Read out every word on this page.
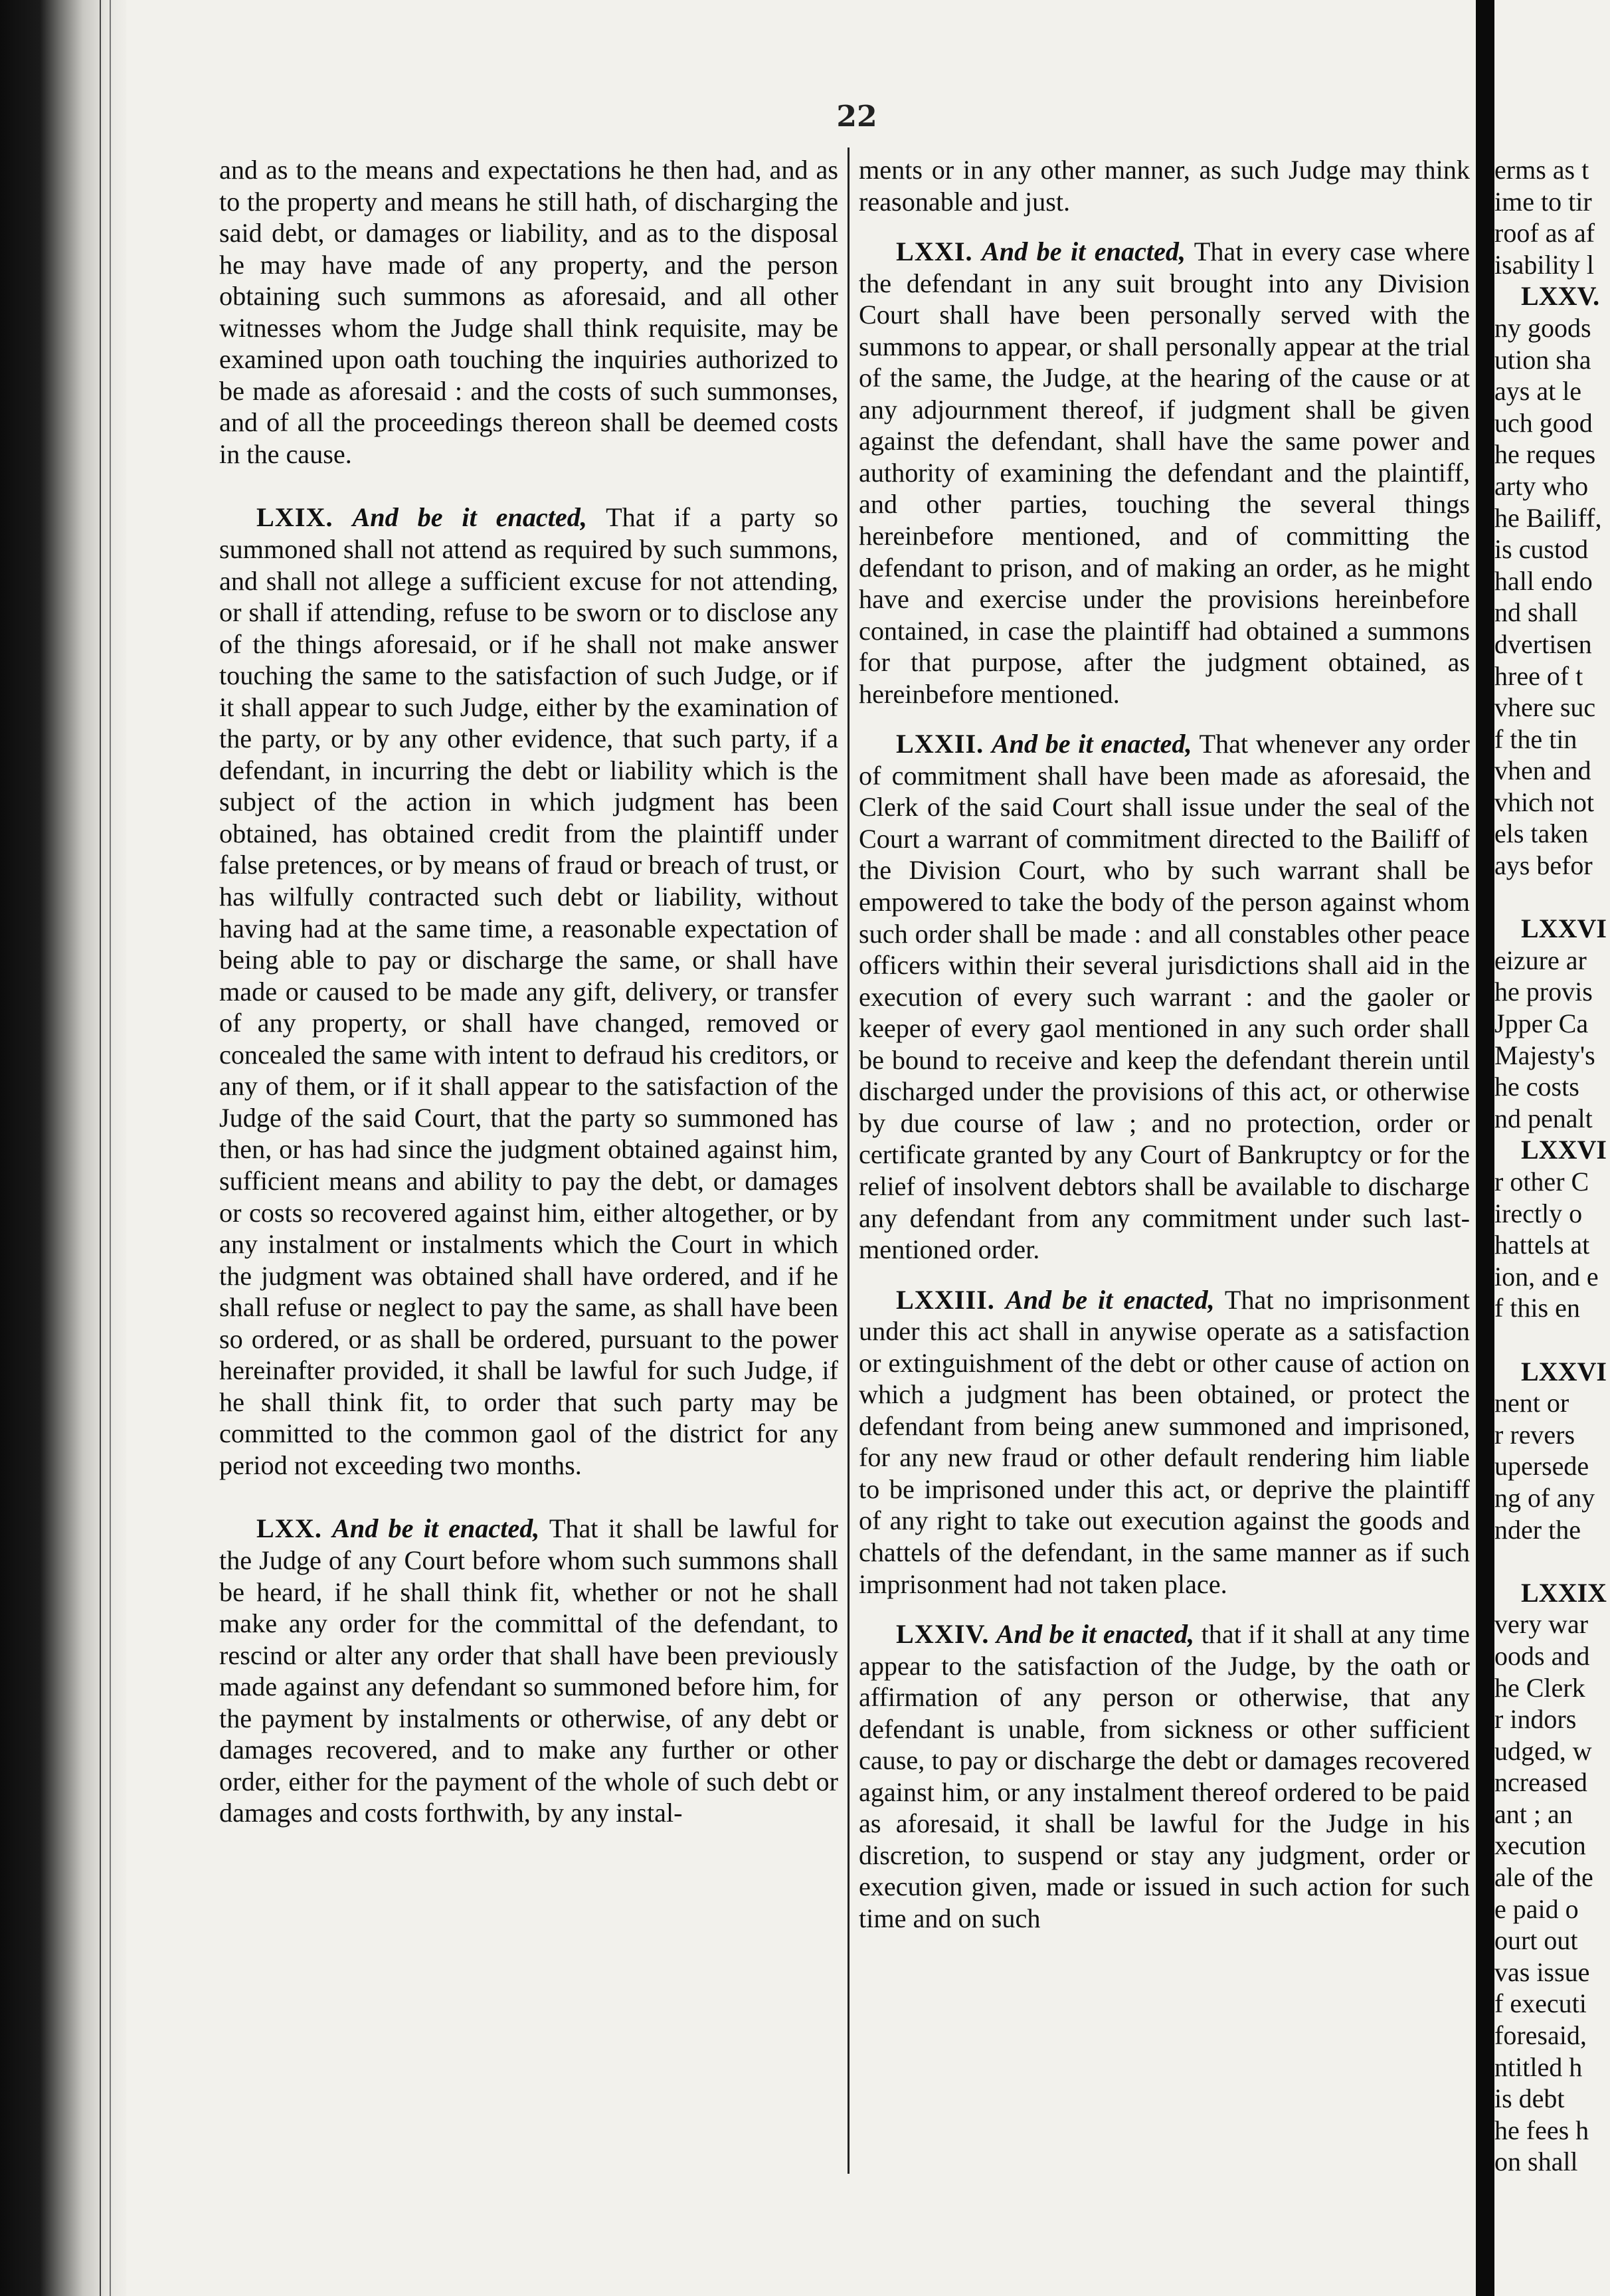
22

and as to the means and expectations he then had, and as to the property and means he still hath, of discharging the said debt, or damages or liability, and as to the disposal he may have made of any property, and the person obtaining such summons as aforesaid, and all other witnesses whom the Judge shall think requisite, may be examined upon oath touching the inquiries authorized to be made as aforesaid : and the costs of such summonses, and of all the proceedings thereon shall be deemed costs in the cause.

LXIX. And be it enacted, That if a party so summoned shall not attend as required by such summons, and shall not allege a sufficient excuse for not attending, or shall if attending, refuse to be sworn or to disclose any of the things aforesaid, or if he shall not make answer touching the same to the satisfaction of such Judge, or if it shall appear to such Judge, either by the examination of the party, or by any other evidence, that such party, if a defendant, in incurring the debt or liability which is the subject of the action in which judgment has been obtained, has obtained credit from the plaintiff under false pretences, or by means of fraud or breach of trust, or has wilfully contracted such debt or liability, without having had at the same time, a reasonable expectation of being able to pay or discharge the same, or shall have made or caused to be made any gift, delivery, or transfer of any property, or shall have changed, removed or concealed the same with intent to defraud his creditors, or any of them, or if it shall appear to the satisfaction of the Judge of the said Court, that the party so summoned has then, or has had since the judgment obtained against him, sufficient means and ability to pay the debt, or damages or costs so recovered against him, either altogether, or by any instalment or instalments which the Court in which the judgment was obtained shall have ordered, and if he shall refuse or neglect to pay the same, as shall have been so ordered, or as shall be ordered, pursuant to the power hereinafter provided, it shall be lawful for such Judge, if he shall think fit, to order that such party may be committed to the common gaol of the district for any period not exceeding two months.

LXX. And be it enacted, That it shall be lawful for the Judge of any Court before whom such summons shall be heard, if he shall think fit, whether or not he shall make any order for the committal of the defendant, to rescind or alter any order that shall have been previously made against any defendant so summoned before him, for the payment by instalments or otherwise, of any debt or damages recovered, and to make any further or other order, either for the payment of the whole of such debt or damages and costs forthwith, by any instal-

ments or in any other manner, as such Judge may think reasonable and just.

LXXI. And be it enacted, That in every case where the defendant in any suit brought into any Division Court shall have been personally served with the summons to appear, or shall personally appear at the trial of the same, the Judge, at the hearing of the cause or at any adjournment thereof, if judgment shall be given against the defendant, shall have the same power and authority of examining the defendant and the plaintiff, and other parties, touching the several things hereinbefore mentioned, and of committing the defendant to prison, and of making an order, as he might have and exercise under the provisions hereinbefore contained, in case the plaintiff had obtained a summons for that purpose, after the judgment obtained, as hereinbefore mentioned.

LXXII. And be it enacted, That whenever any order of commitment shall have been made as aforesaid, the Clerk of the said Court shall issue under the seal of the Court a warrant of commitment directed to the Bailiff of the Division Court, who by such warrant shall be empowered to take the body of the person against whom such order shall be made : and all constables other peace officers within their several jurisdictions shall aid in the execution of every such warrant : and the gaoler or keeper of every gaol mentioned in any such order shall be bound to receive and keep the defendant therein until discharged under the provisions of this act, or otherwise by due course of law ; and no protection, order or certificate granted by any Court of Bankruptcy or for the relief of insolvent debtors shall be available to discharge any defendant from any commitment under such last-mentioned order.

LXXIII. And be it enacted, That no imprisonment under this act shall in anywise operate as a satisfaction or extinguishment of the debt or other cause of action on which a judgment has been obtained, or protect the defendant from being anew summoned and imprisoned, for any new fraud or other default rendering him liable to be imprisoned under this act, or deprive the plaintiff of any right to take out execution against the goods and chattels of the defendant, in the same manner as if such imprisonment had not taken place.

LXXIV. And be it enacted, that if it shall at any time appear to the satisfaction of the Judge, by the oath or affirmation of any person or otherwise, that any defendant is unable, from sickness or other sufficient cause, to pay or discharge the debt or damages recovered against him, or any instalment thereof ordered to be paid as aforesaid, it shall be lawful for the Judge in his discretion, to suspend or stay any judgment, order or execution given, made or issued in such action for such time and on such

erms as t
ime to tir
roof as af
isability l
LXXV.
ny goods
ution sha
ays at le
uch good
he reques
arty who
he Bailiff,
is custod
hall endo
nd shall
dvertisen
hree of t
vhere suc
f the tin
vhen and
vhich not
els taken
ays befor
LXXVI
eizure ar
he provis
Jpper Ca
Majesty's
he costs
nd penalt
LXXVI
r other C
irectly o
hattels at
ion, and e
f this en
LXXVI
nent or
r revers
upersede
ng of any
nder the
LXXIX
very war
oods and
he Clerk
r indors
udged, w
ncreased
ant ; an
xecution
ale of the
e paid o
ourt out
vas issue
f executi
foresaid,
ntitled h
is debt
he fees h
on shall
